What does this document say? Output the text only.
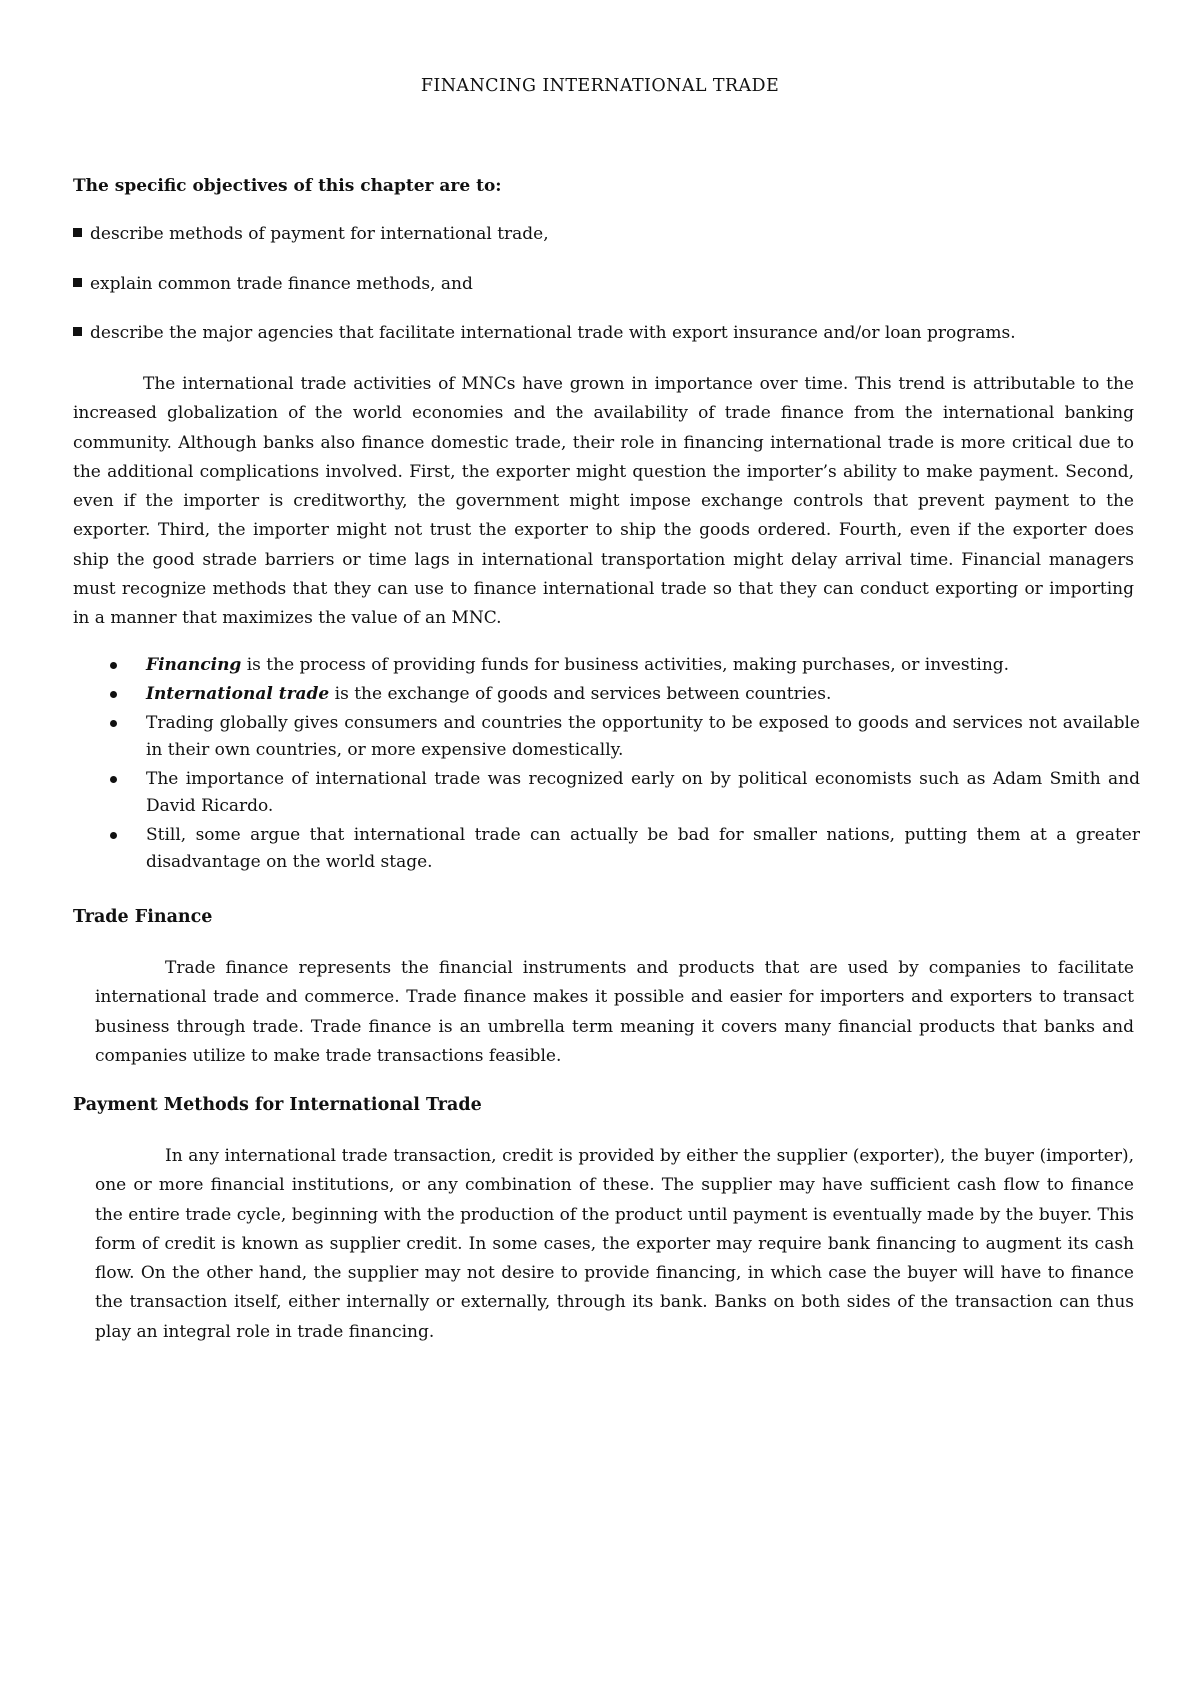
FINANCING INTERNATIONAL TRADE
The specific objectives of this chapter are to:
describe methods of payment for international trade,
explain common trade finance methods, and
describe the major agencies that facilitate international trade with export insurance and/or loan programs.

The international trade activities of MNCs have grown in importance over time. This trend is attributable to the increased globalization of the world economies and the availability of trade finance from the international banking community. Although banks also finance domestic trade, their role in financing international trade is more critical due to the additional complications involved. First, the exporter might question the importer’s ability to make payment. Second, even if the importer is creditworthy, the government might impose exchange controls that prevent payment to the exporter. Third, the importer might not trust the exporter to ship the goods ordered. Fourth, even if the exporter does ship the good strade barriers or time lags in international transportation might delay arrival time. Financial managers must recognize methods that they can use to finance international trade so that they can conduct exporting or importing in a manner that maximizes the value of an MNC.

Financing is the process of providing funds for business activities, making purchases, or investing.
International trade is the exchange of goods and services between countries.
Trading globally gives consumers and countries the opportunity to be exposed to goods and services not available in their own countries, or more expensive domestically.
The importance of international trade was recognized early on by political economists such as Adam Smith and David Ricardo.
Still, some argue that international trade can actually be bad for smaller nations, putting them at a greater disadvantage on the world stage.
Trade Finance

Trade finance represents the financial instruments and products that are used by companies to facilitate international trade and commerce. Trade finance makes it possible and easier for importers and exporters to transact business through trade. Trade finance is an umbrella term meaning it covers many financial products that banks and companies utilize to make trade transactions feasible.

Payment Methods for International Trade

In any international trade transaction, credit is provided by either the supplier (exporter), the buyer (importer), one or more financial institutions, or any combination of these. The supplier may have sufficient cash flow to finance the entire trade cycle, beginning with the production of the product until payment is eventually made by the buyer. This form of credit is known as supplier credit. In some cases, the exporter may require bank financing to augment its cash flow. On the other hand, the supplier may not desire to provide financing, in which case the buyer will have to finance the transaction itself, either internally or externally, through its bank. Banks on both sides of the transaction can thus play an integral role in trade financing.
